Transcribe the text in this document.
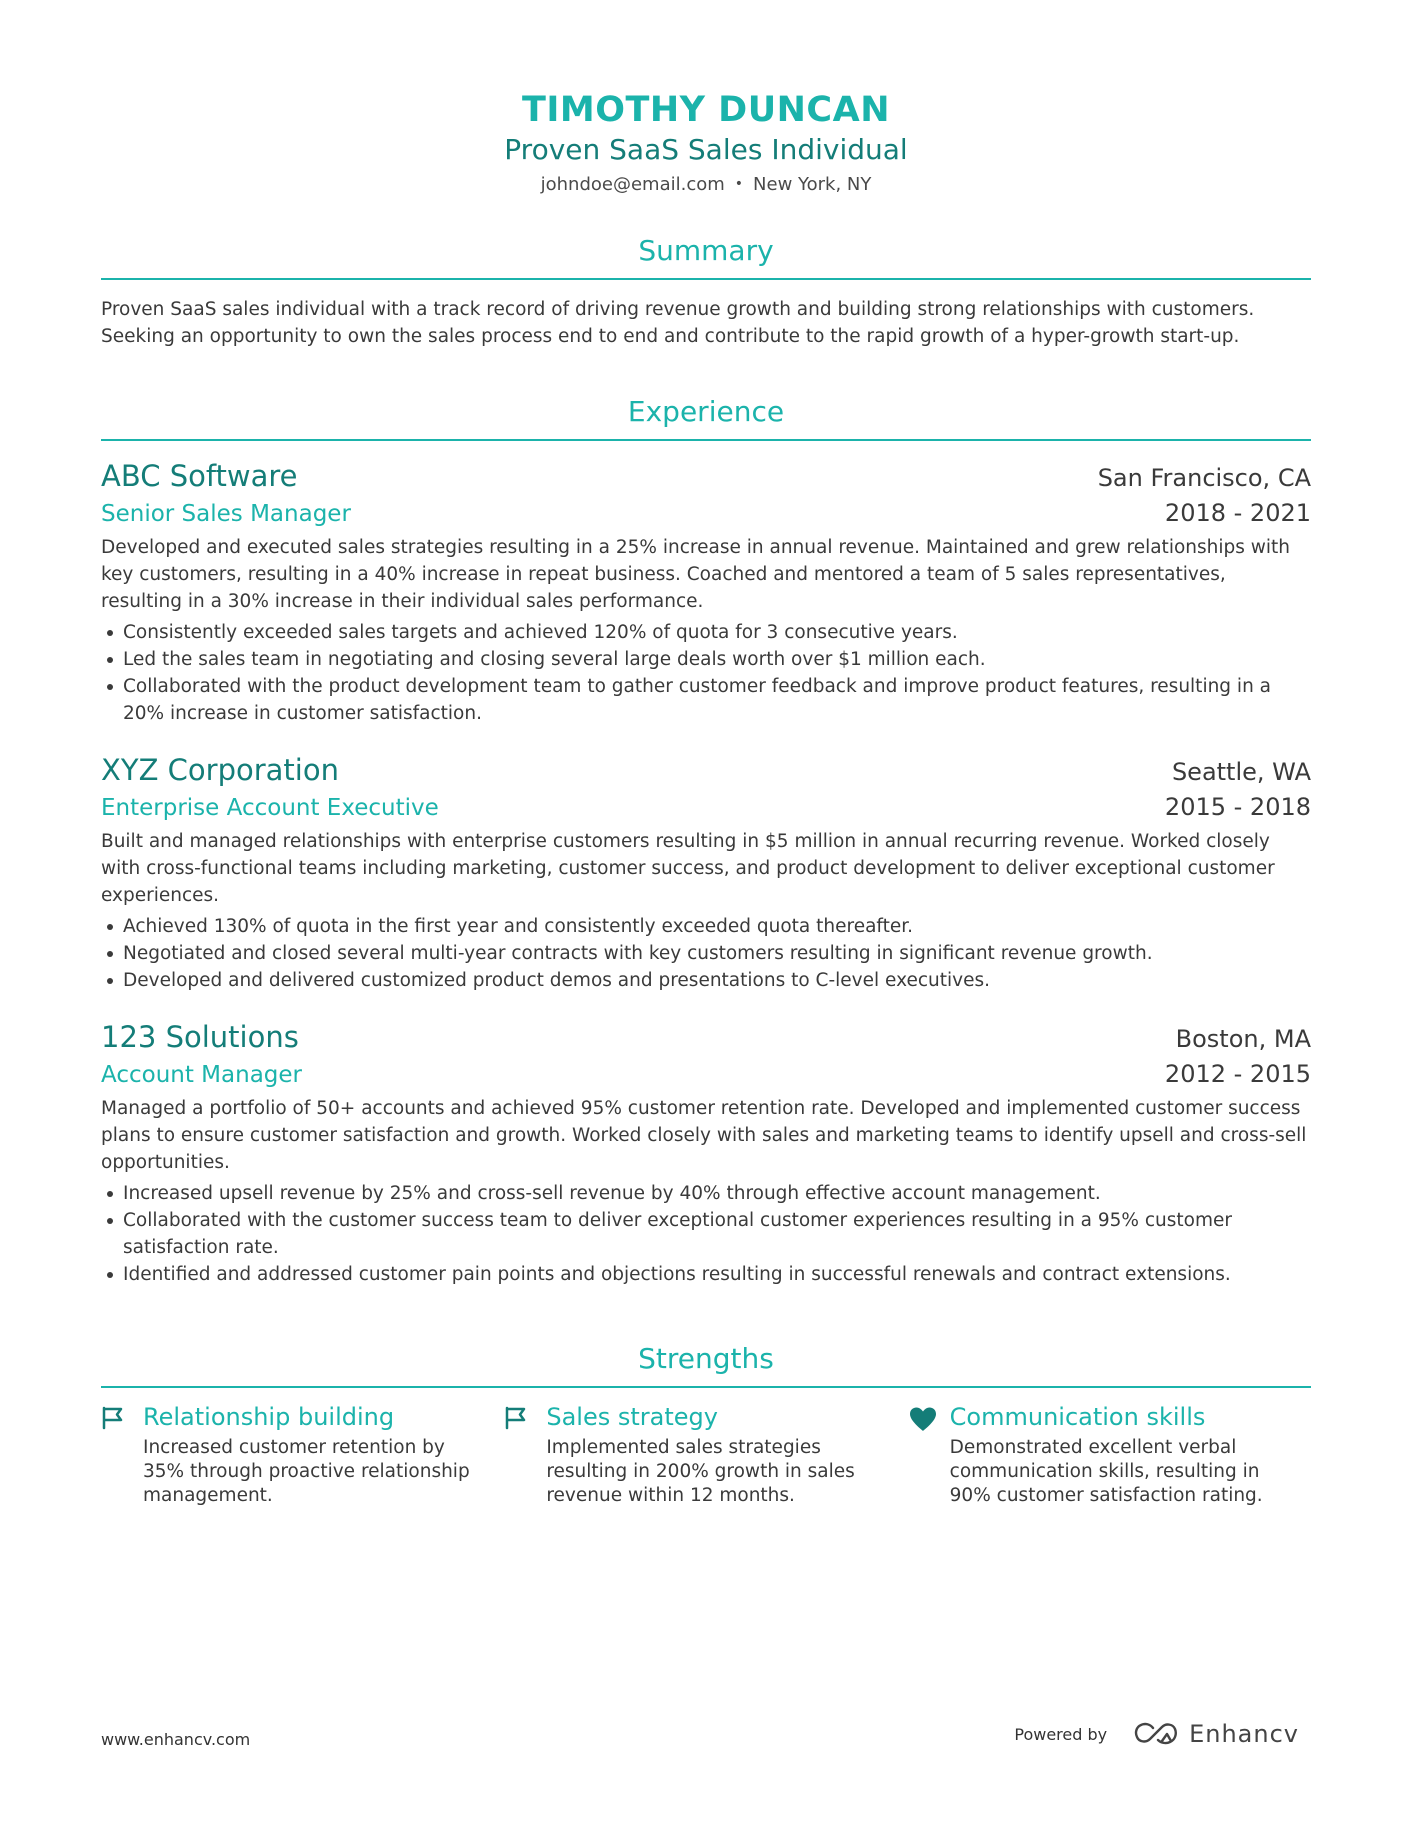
TIMOTHY DUNCAN
Proven SaaS Sales Individual
johndoe@email.com • New York, NY
Summary
Proven SaaS sales individual with a track record of driving revenue growth and building strong relationships with customers. Seeking an opportunity to own the sales process end to end and contribute to the rapid growth of a hyper-growth start-up.
Experience
ABC Software	San Francisco, CA
Senior Sales Manager	2018 - 2021
Developed and executed sales strategies resulting in a 25% increase in annual revenue. Maintained and grew relationships with key customers, resulting in a 40% increase in repeat business. Coached and mentored a team of 5 sales representatives, resulting in a 30% increase in their individual sales performance.
Consistently exceeded sales targets and achieved 120% of quota for 3 consecutive years.
Led the sales team in negotiating and closing several large deals worth over $1 million each.
Collaborated with the product development team to gather customer feedback and improve product features, resulting in a 20% increase in customer satisfaction.
XYZ Corporation	Seattle, WA
Enterprise Account Executive	2015 - 2018
Built and managed relationships with enterprise customers resulting in $5 million in annual recurring revenue. Worked closely with cross-functional teams including marketing, customer success, and product development to deliver exceptional customer experiences.
Achieved 130% of quota in the first year and consistently exceeded quota thereafter.
Negotiated and closed several multi-year contracts with key customers resulting in significant revenue growth.
Developed and delivered customized product demos and presentations to C-level executives.
123 Solutions	Boston, MA
Account Manager	2012 - 2015
Managed a portfolio of 50+ accounts and achieved 95% customer retention rate. Developed and implemented customer success plans to ensure customer satisfaction and growth. Worked closely with sales and marketing teams to identify upsell and cross-sell opportunities.
Increased upsell revenue by 25% and cross-sell revenue by 40% through effective account management.
Collaborated with the customer success team to deliver exceptional customer experiences resulting in a 95% customer satisfaction rate.
Identified and addressed customer pain points and objections resulting in successful renewals and contract extensions.
Strengths
Relationship building
Increased customer retention by 35% through proactive relationship management.
Sales strategy
Implemented sales strategies resulting in 200% growth in sales revenue within 12 months.
Communication skills
Demonstrated excellent verbal communication skills, resulting in 90% customer satisfaction rating.
www.enhancv.com	Powered by	Enhancv
